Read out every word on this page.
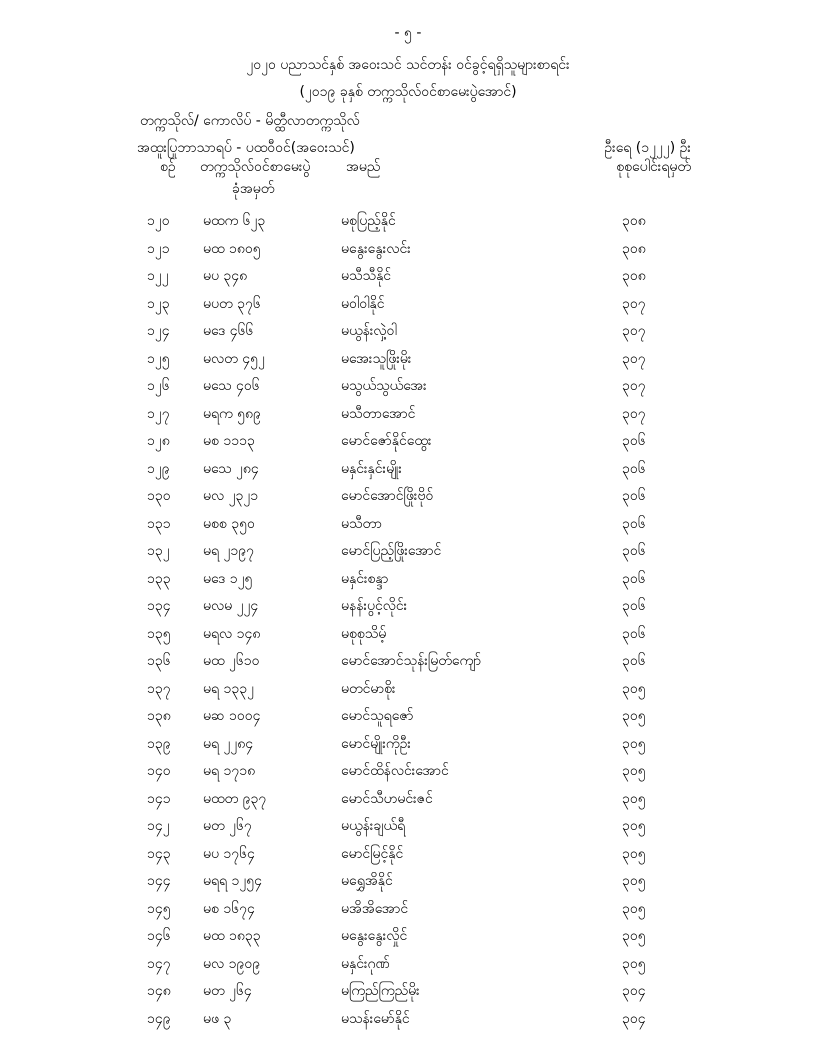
- ၅ -
၂၀၂၀ ပညာသင်နှစ် အဝေးသင် သင်တန်း ဝင်ခွင့်ရရှိသူများစာရင်း
(၂၀၁၉ ခုနှစ် တက္ကသိုလ်ဝင်စာမေးပွဲအောင်)
တက္ကသိုလ်/ ကောလိပ် - မိတ္ထီလာတက္ကသိုလ်
အထူးပြုဘာသာရပ် - ပထဝီဝင်(အဝေးသင်)	ဦးရေ (၁၂၂၂) ဦး
စဉ် တက္ကသိုလ်ဝင်စာမေးပွဲ
ခုံအမှတ်
အမည်	စုစုပေါင်းရမှတ်
၁၂၀	မထက ၆၂၃	မစုပြည့်နိုင်	၃၀၈
၁၂၁	မထ ၁၈၀၅	မနွေးနွေးလင်း	၃၀၈
၁၂၂	မပ ၃၄၈	မသီသီနိုင်	၃၀၈
၁၂၃	မပတ ၃၇၆	မဝါဝါနိုင်	၃၀၇
၁၂၄	မဒေ ၄၆၆	မယွန်းလှဲ့ဝါ	၃၀၇
၁၂၅	မလတ ၄၅၂	မအေးသူဖြိုးမိုး	၃၀၇
၁၂၆	မသေ ၄၀၆	မသွယ်သွယ်အေး	၃၀၇
၁၂၇	မရက ၅၈၉	မသီတာအောင်	၃၀၇
၁၂၈	မစ ၁၁၁၃	မောင်ဇော်နိုင်ထွေး	၃၀၆
၁၂၉	မသေ ၂၈၄	မနှင်းနှင်းမျိုး	၃၀၆
၁၃၀	မလ ၂၃၂၁	မောင်အောင်ဖြိုးဗိုဝ်	၃၀၆
၁၃၁	မစစ ၃၅၀	မသီတာ	၃၀၆
၁၃၂	မရ ၂၁၉၇	မောင်ပြည့်ဖြိုးအောင်	၃၀၆
၁၃၃	မဒေ ၁၂၅	မနှင်းစန္ဒာ	၃၀၆
၁၃၄	မလမ ၂၂၄	မနန်းပွင့်လိုင်း	၃၀၆
၁၃၅	မရလ ၁၄၈	မစုစုသိမ့်	၃၀၆
၁၃၆	မထ ၂၆၁၀	မောင်အောင်သုန်းမြတ်ကျော်	၃၀၆
၁၃၇	မရ ၁၃၃၂	မတင်မာစိုး	၃၀၅
၁၃၈	မဆ ၁၀၀၄	မောင်သူရဇော်	၃၀၅
၁၃၉	မရ ၂၂၈၄	မောင်မျိုးကိုဦး	၃၀၅
၁၄၀	မရ ၁၇၁၈	မောင်ထိန်လင်းအောင်	၃၀၅
၁၄၁	မထတ ၉၃၇	မောင်သီဟမင်းဇင်	၃၀၅
၁၄၂	မတ ၂၆၇	မယွန်းချယ်ရီ	၃၀၅
၁၄၃	မပ ၁၇၆၄	မောင်မြင့်နိုင်	၃၀၅
၁၄၄	မရရ ၁၂၅၄	မရွှေအိနိုင်	၃၀၅
၁၄၅	မစ ၁၆၇၄	မအိအိအောင်	၃၀၅
၁၄၆	မထ ၁၈၃၃	မနွေးနွေးလှိုင်	၃၀၅
၁၄၇	မလ ၁၉၀၉	မနှင်းဂုဏ်	၃၀၅
၁၄၈	မတ ၂၆၄	မကြည်ကြည်မိုး	၃၀၄
၁၄၉	မဖ ၃	မသန်းမော်နိုင်	၃၀၄
